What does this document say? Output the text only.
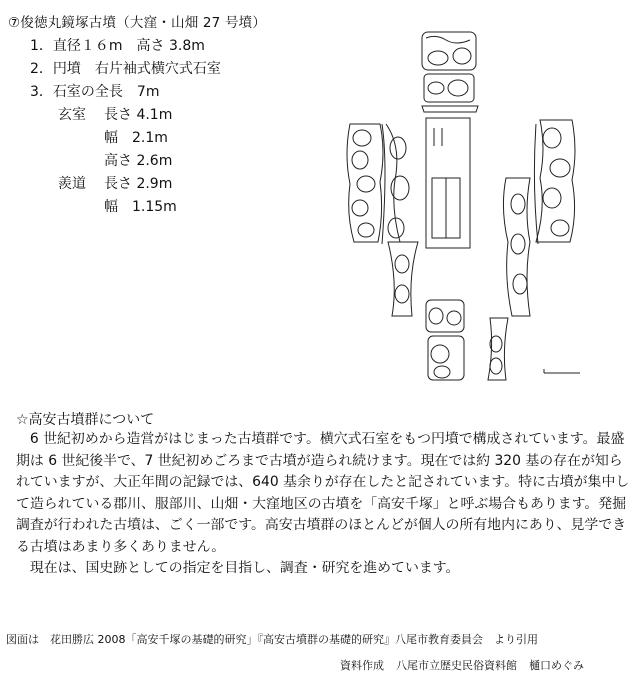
⑦俊徳丸鏡塚古墳（大窪・山畑 27 号墳）
1．直径１６m　高さ 3.8m
2．円墳　右片袖式横穴式石室
3．石室の全長　7m
玄室 長さ 4.1m
幅　2.1m
高さ 2.6m
羨道 長さ 2.9m
幅　1.15m
☆高安古墳群について

6 世紀初めから造営がはじまった古墳群です。横穴式石室をもつ円墳で構成されています。最盛期は 6 世紀後半で、7 世紀初めごろまで古墳が造られ続けます。現在では約 320 基の存在が知られていますが、大正年間の記録では、640 基余りが存在したと記されています。特に古墳が集中して造られている郡川、服部川、山畑・大窪地区の古墳を「高安千塚」と呼ぶ場合もあります。発掘調査が行われた古墳は、ごく一部です。高安古墳群のほとんどが個人の所有地内にあり、見学できる古墳はあまり多くありません。

現在は、国史跡としての指定を目指し、調査・研究を進めています。

図面は　花田勝広 2008「高安千塚の基礎的研究」『高安古墳群の基礎的研究』八尾市教育委員会　より引用
資料作成 八尾市立歴史民俗資料館 樋口めぐみ
